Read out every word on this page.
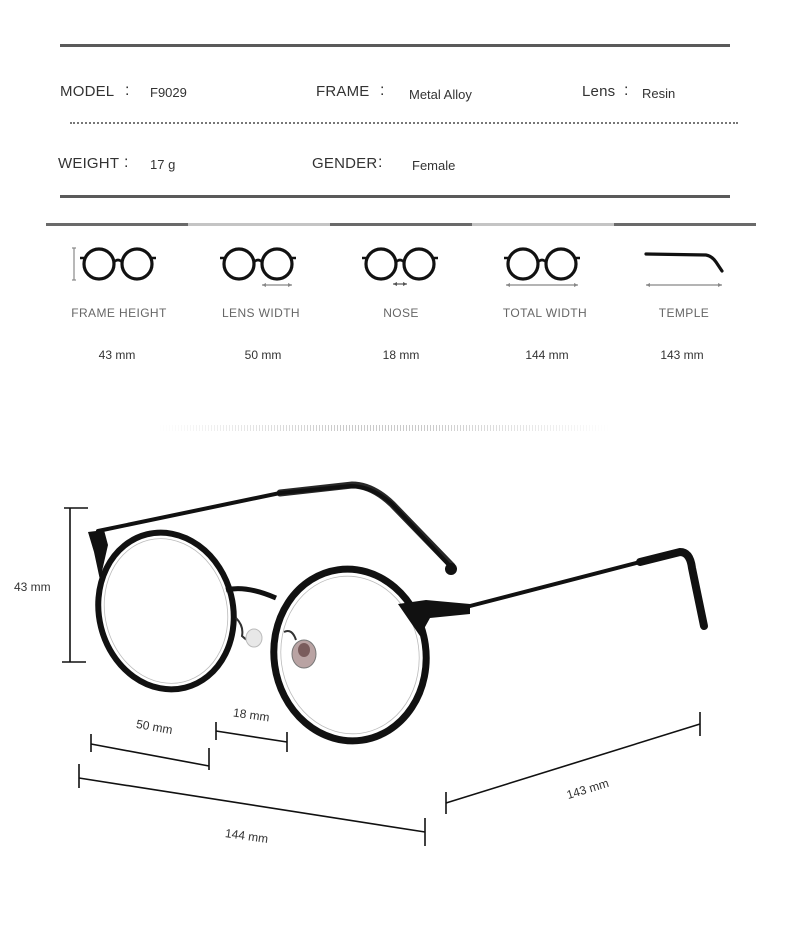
MODEL : F9029	FRAME : Metal Alloy	Lens : Resin
WEIGHT : 17 g	GENDER : Female
FRAME HEIGHT
43 mm
LENS WIDTH
50 mm
NOSE
18 mm
TOTAL WIDTH
144 mm
TEMPLE
143 mm
43 mm
50 mm
18 mm
144 mm
143 mm
